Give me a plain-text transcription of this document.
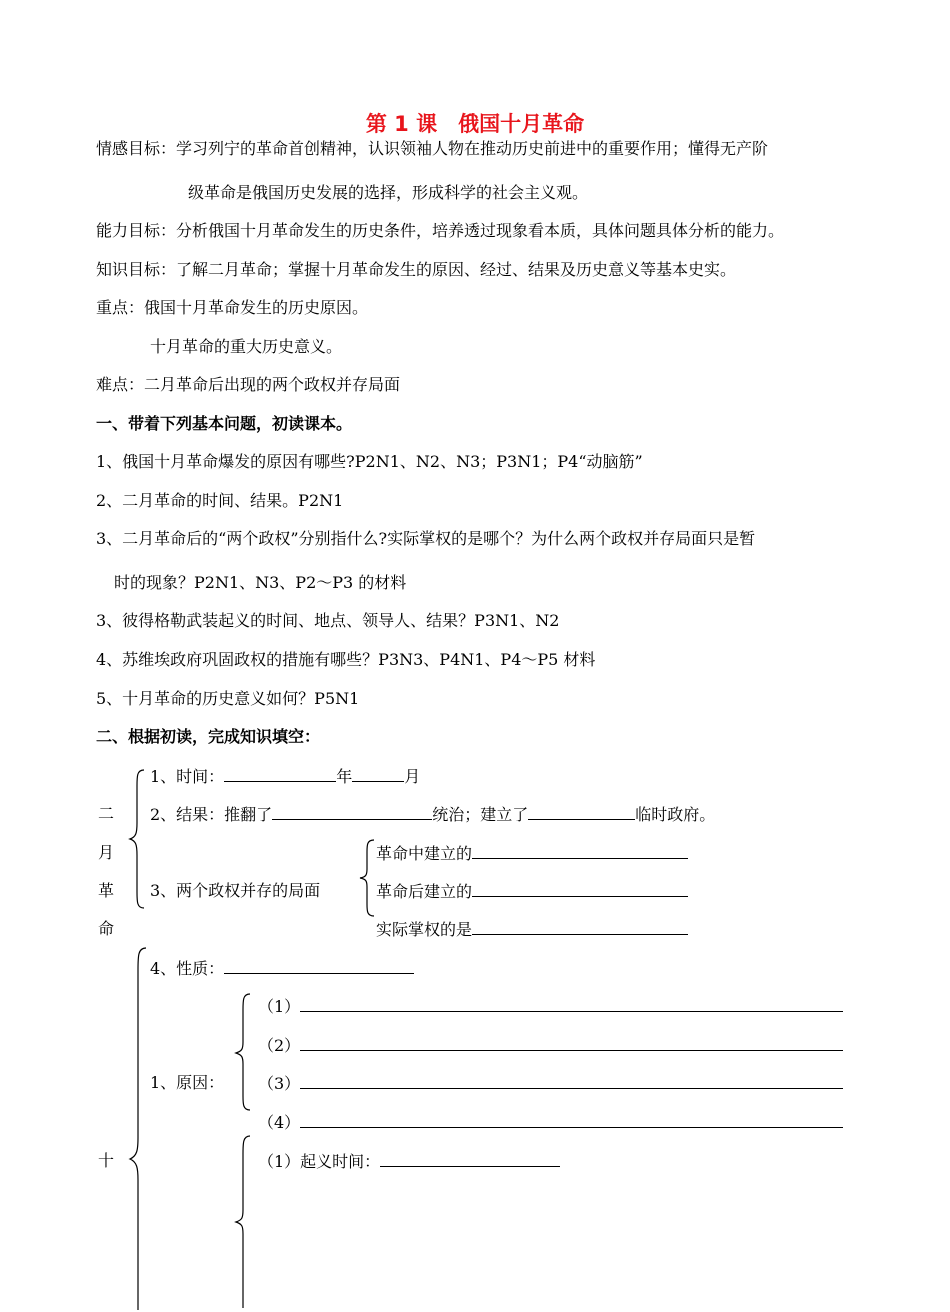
第 1 课　俄国十月革命
情感目标：学习列宁的革命首创精神，认识领袖人物在推动历史前进中的重要作用；懂得无产阶
级革命是俄国历史发展的选择，形成科学的社会主义观。
能力目标：分析俄国十月革命发生的历史条件，培养透过现象看本质，具体问题具体分析的能力。
知识目标：了解二月革命；掌握十月革命发生的原因、经过、结果及历史意义等基本史实。
重点：俄国十月革命发生的历史原因。
十月革命的重大历史意义。
难点：二月革命后出现的两个政权并存局面
一、带着下列基本问题，初读课本。
1、俄国十月革命爆发的原因有哪些?P2N1、N2、N3；P3N1；P4“动脑筋”
2、二月革命的时间、结果。P2N1
3、二月革命后的“两个政权”分别指什么?实际掌权的是哪个？为什么两个政权并存局面只是暂
时的现象？P2N1、N3、P2～P3 的材料
3、彼得格勒武装起义的时间、地点、领导人、结果？P3N1、N2
4、苏维埃政府巩固政权的措施有哪些？P3N3、P4N1、P4～P5 材料
5、十月革命的历史意义如何？P5N1
二、根据初读，完成知识填空：
二
月
革
命
1、时间：	年	月
2、结果：推翻了	统治；建立了	临时政府。
3、两个政权并存的局面
革命中建立的
革命后建立的
实际掌权的是
十
4、性质：
1、原因：
（1）
（2）
（3）
（4）
（1）起义时间：
